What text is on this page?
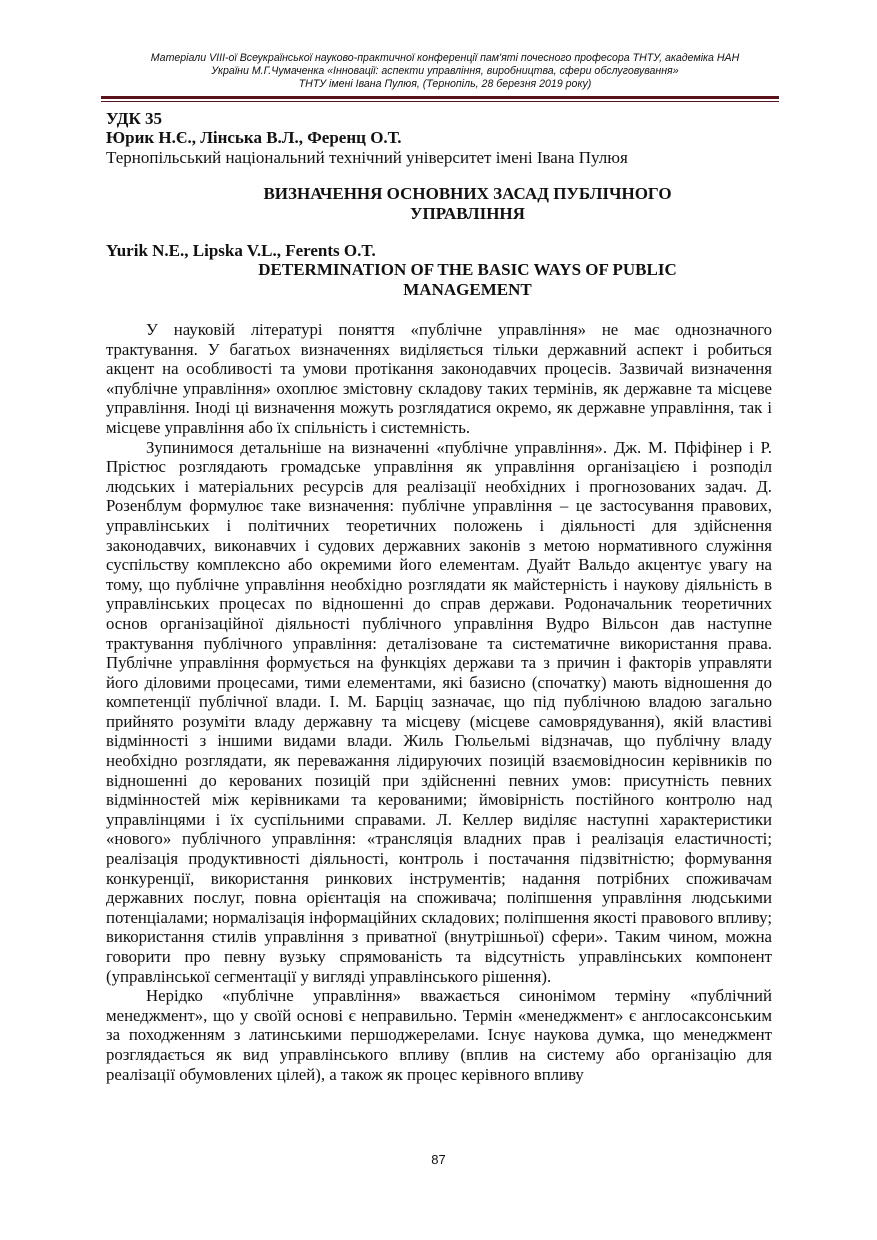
Матеріали VIII-ої Всеукраїнської науково-практичної конференції пам'яті почесного професора ТНТУ, академіка НАН
України М.Г.Чумаченка «Інновації: аспекти управління, виробництва, сфери обслуговування»
ТНТУ імені Івана Пулюя, (Тернопіль, 28 березня 2019 року)
УДК 35
Юрик Н.Є., Лінська В.Л., Ференц О.Т.
Тернопільський національний технічний університет імені Івана Пулюя
ВИЗНАЧЕННЯ ОСНОВНИХ ЗАСАД ПУБЛІЧНОГО
УПРАВЛІННЯ
Yurik N.E., Lipska V.L., Ferents O.T.
DETERMINATION OF THE BASIC WAYS OF PUBLIC
MANAGEMENT

У науковій літературі поняття «публічне управління» не має однозначного трактування. У багатьох визначеннях виділяється тільки державний аспект і робиться акцент на особливості та умови протікання законодавчих процесів. Зазвичай визначення «публічне управління» охоплює змістовну складову таких термінів, як державне та місцеве управління. Іноді ці визначення можуть розглядатися окремо, як державне управління, так і місцеве управління або їх спільність і системність.

Зупинимося детальніше на визначенні «публічне управління». Дж. М. Пфіфінер і Р. Прістюс розглядають громадське управління як управління організацією і розподіл людських і матеріальних ресурсів для реалізації необхідних і прогнозованих задач. Д. Розенблум формулює таке визначення: публічне управління – це застосування правових, управлінських і політичних теоретичних положень і діяльності для здійснення законодавчих, виконавчих і судових державних законів з метою нормативного служіння суспільству комплексно або окремими його елементам. Дуайт Вальдо акцентує увагу на тому, що публічне управління необхідно розглядати як майстерність і наукову діяльність в управлінських процесах по відношенні до справ держави. Родоначальник теоретичних основ організаційної діяльності публічного управління Вудро Вільсон дав наступне трактування публічного управління: деталізоване та систематичне використання права. Публічне управління формується на функціях держави та з причин і факторів управляти його діловими процесами, тими елементами, які базисно (спочатку) мають відношення до компетенції публічної влади. І. М. Барціц зазначає, що під публічною владою загально прийнято розуміти владу державну та місцеву (місцеве самоврядування), якій властиві відмінності з іншими видами влади. Жиль Гюльельмі відзначав, що публічну владу необхідно розглядати, як переважання лідируючих позицій взаємовідносин керівників по відношенні до керованих позицій при здійсненні певних умов: присутність певних відмінностей між керівниками та керованими; ймовірність постійного контролю над управлінцями і їх суспільними справами. Л. Келлер виділяє наступні характеристики «нового» публічного управління: «трансляція владних прав і реалізація еластичності; реалізація продуктивності діяльності, контроль і постачання підзвітністю; формування конкуренції, використання ринкових інструментів; надання потрібних споживачам державних послуг, повна орієнтація на споживача; поліпшення управління людськими потенціалами; нормалізація інформаційних складових; поліпшення якості правового впливу; використання стилів управління з приватної (внутрішньої) сфери». Таким чином, можна говорити про певну вузьку спрямованість та відсутність управлінських компонент (управлінської сегментації у вигляді управлінського рішення).

Нерідко «публічне управління» вважається синонімом терміну «публічний менеджмент», що у своїй основі є неправильно. Термін «менеджмент» є англосаксонським за походженням з латинськими першоджерелами. Існує наукова думка, що менеджмент розглядається як вид управлінського впливу (вплив на систему або організацію для реалізації обумовлених цілей), а також як процес керівного впливу

87
